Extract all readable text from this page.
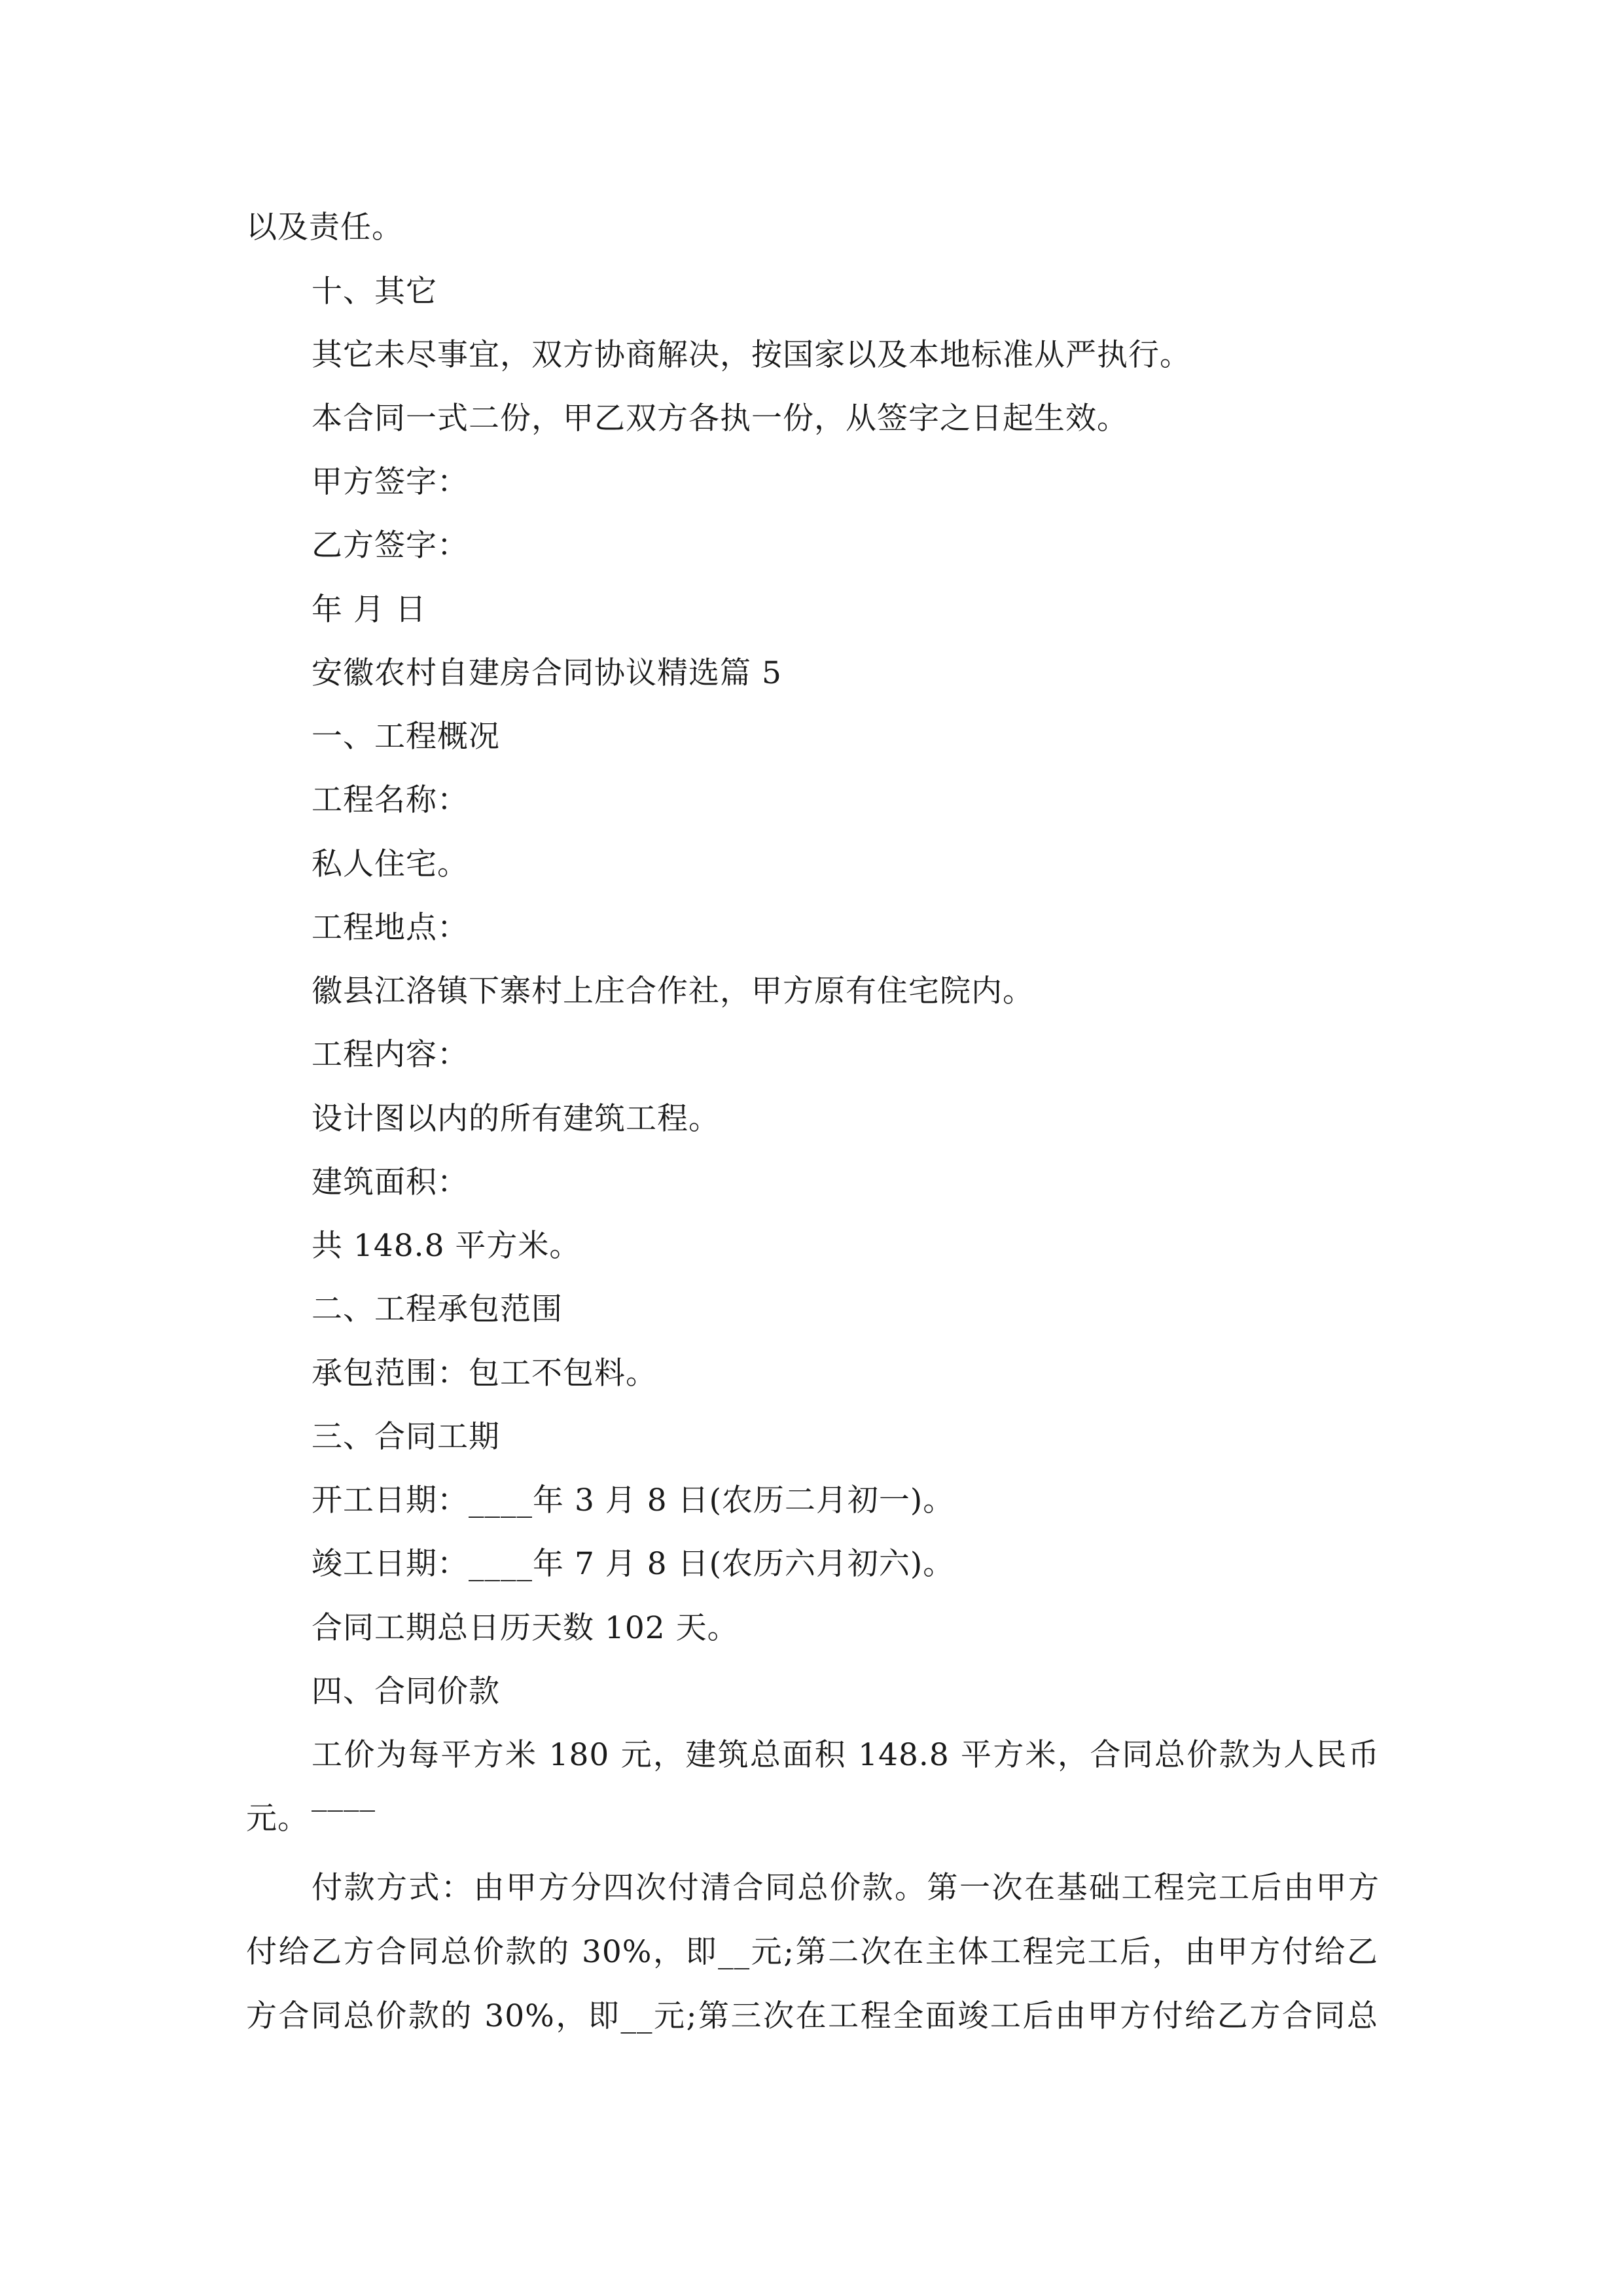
以及责任。
十、其它
其它未尽事宜，双方协商解决，按国家以及本地标准从严执行。
本合同一式二份，甲乙双方各执一份，从签字之日起生效。
甲方签字：
乙方签字：
年 月 日
安徽农村自建房合同协议精选篇 5
一、工程概况
工程名称：
私人住宅。
工程地点：
徽县江洛镇下寨村上庄合作社，甲方原有住宅院内。
工程内容：
设计图以内的所有建筑工程。
建筑面积：
共 148.8 平方米。
二、工程承包范围
承包范围：包工不包料。
三、合同工期
开工日期：____年 3 月 8 日(农历二月初一)。
竣工日期：____年 7 月 8 日(农历六月初六)。
合同工期总日历天数 102 天。
四、合同价款
工价为每平方米 180 元，建筑总面积 148.8 平方米，合同总价款为人民币____
元。
付款方式：由甲方分四次付清合同总价款。第一次在基础工程完工后由甲方
付给乙方合同总价款的 30%，即__元;第二次在主体工程完工后，由甲方付给乙
方合同总价款的 30%，即__元;第三次在工程全面竣工后由甲方付给乙方合同总
